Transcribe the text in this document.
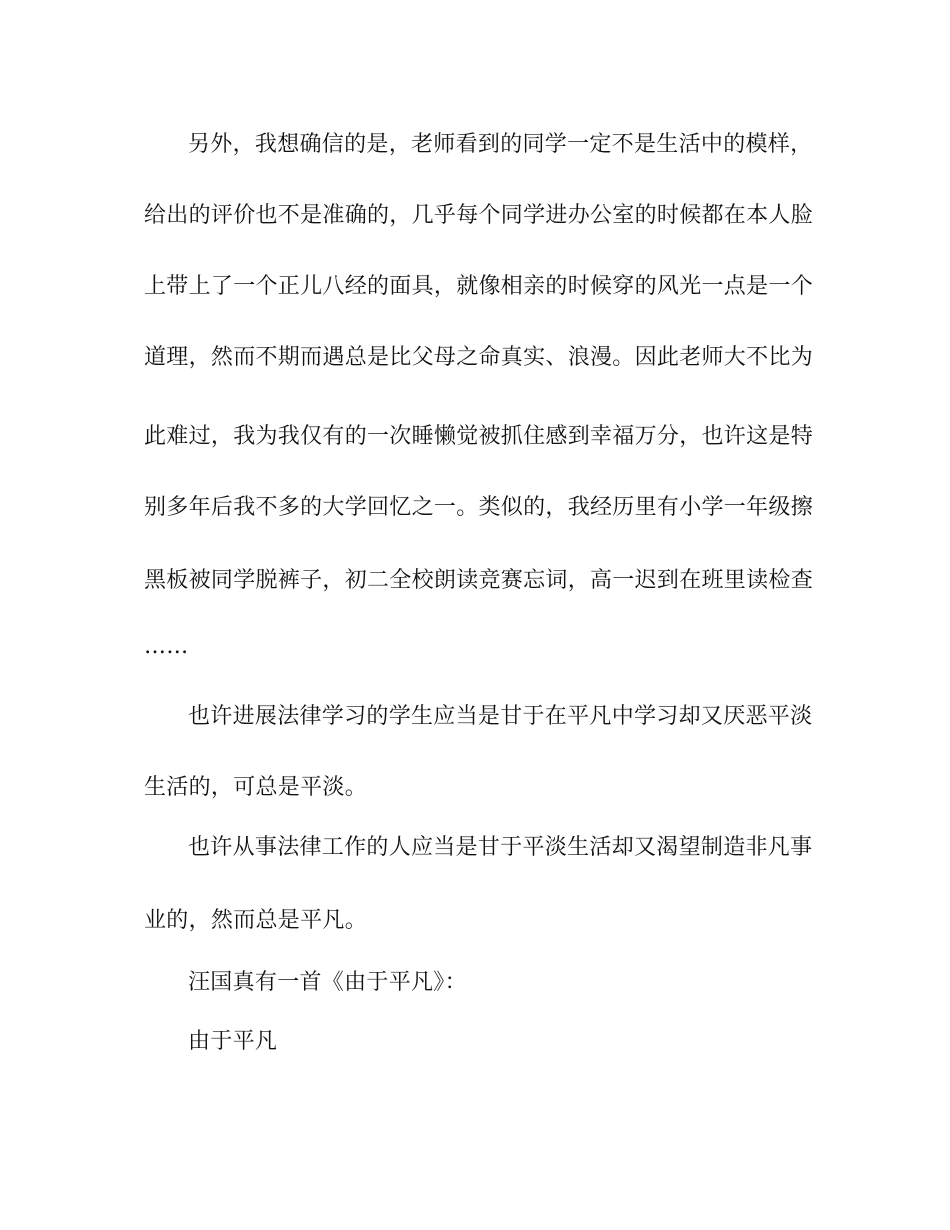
另外，我想确信的是，老师看到的同学一定不是生活中的模样，
给出的评价也不是准确的，几乎每个同学进办公室的时候都在本人脸
上带上了一个正儿八经的面具，就像相亲的时候穿的风光一点是一个
道理，然而不期而遇总是比父母之命真实、浪漫。因此老师大不比为
此难过，我为我仅有的一次睡懒觉被抓住感到幸福万分，也许这是特
别多年后我不多的大学回忆之一。类似的，我经历里有小学一年级擦
黑板被同学脱裤子，初二全校朗读竞赛忘词，高一迟到在班里读检查
……
也许进展法律学习的学生应当是甘于在平凡中学习却又厌恶平淡
生活的，可总是平淡。
也许从事法律工作的人应当是甘于平淡生活却又渴望制造非凡事
业的，然而总是平凡。
汪国真有一首《由于平凡》：
由于平凡
